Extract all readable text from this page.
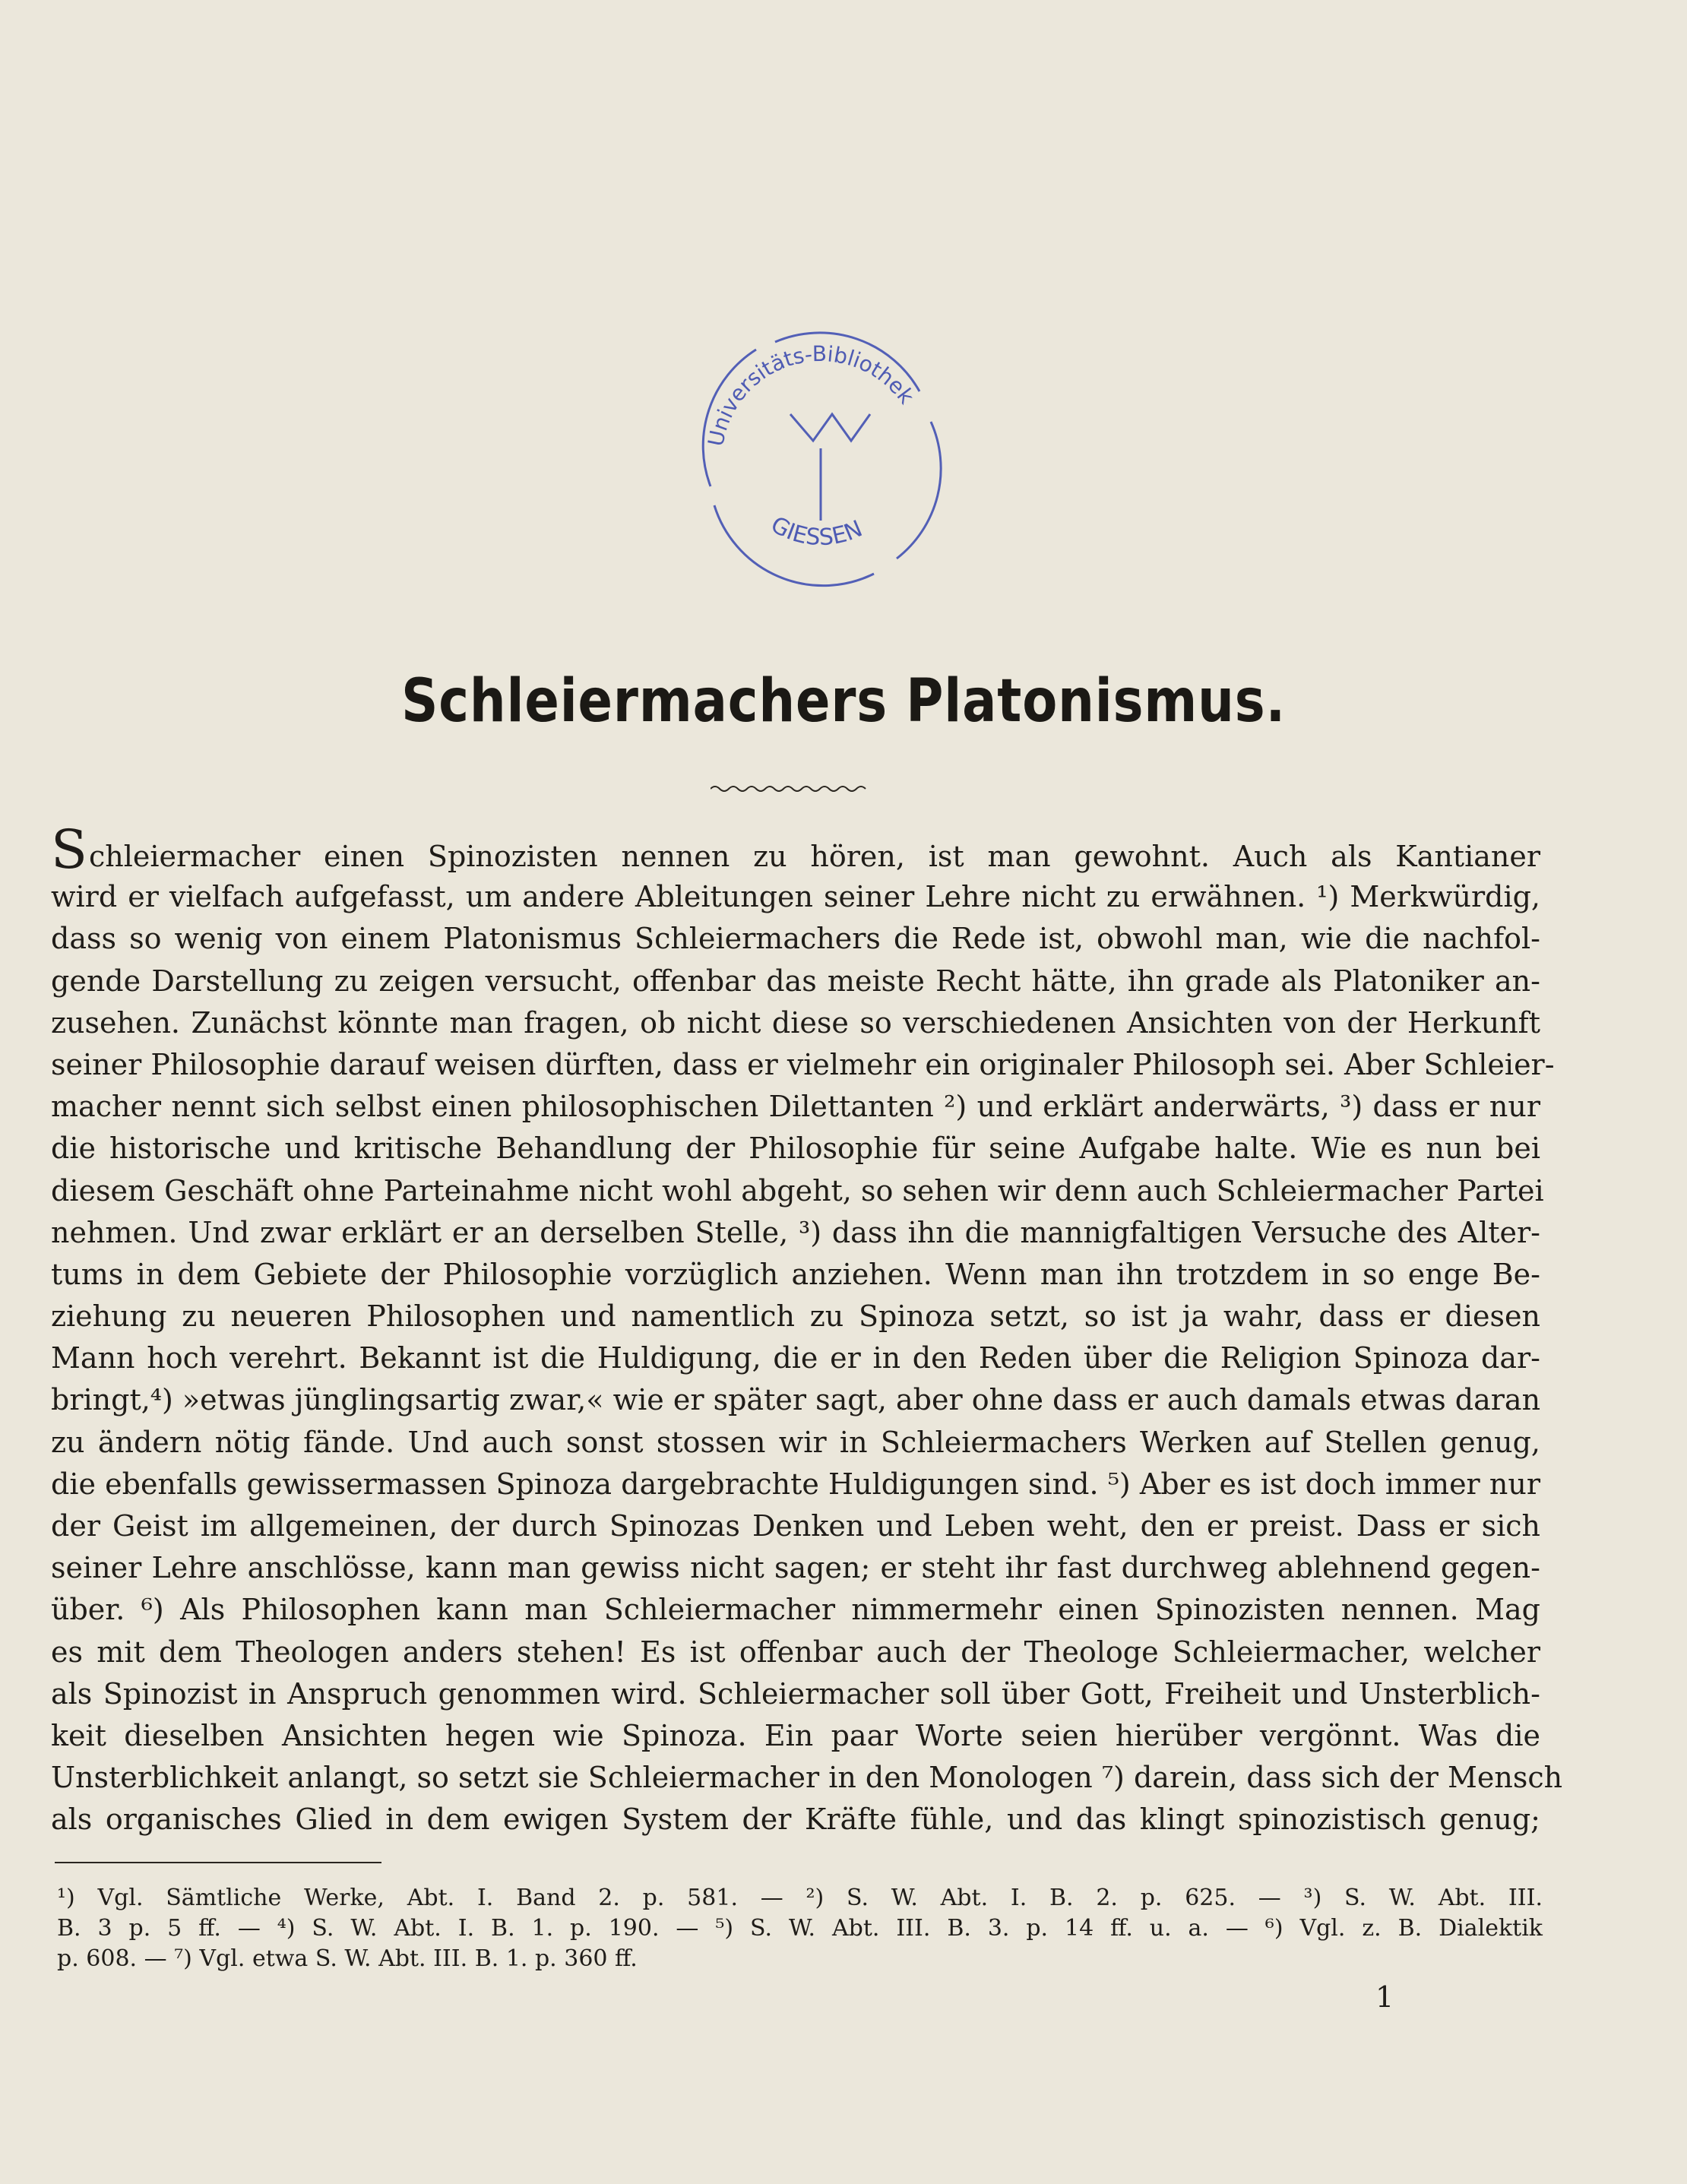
Universitäts-Bibliothek
GIESSEN
Schleiermachers Platonismus.
Schleiermacher einen Spinozisten nennen zu hören, ist man gewohnt. Auch als Kantianer
wird er vielfach aufgefasst, um andere Ableitungen seiner Lehre nicht zu erwähnen. ¹) Merkwürdig,
dass so wenig von einem Platonismus Schleiermachers die Rede ist, obwohl man, wie die nachfol-
gende Darstellung zu zeigen versucht, offenbar das meiste Recht hätte, ihn grade als Platoniker an-
zusehen. Zunächst könnte man fragen, ob nicht diese so verschiedenen Ansichten von der Herkunft
seiner Philosophie darauf weisen dürften, dass er vielmehr ein originaler Philosoph sei. Aber Schleier-
macher nennt sich selbst einen philosophischen Dilettanten ²) und erklärt anderwärts, ³) dass er nur
die historische und kritische Behandlung der Philosophie für seine Aufgabe halte. Wie es nun bei
diesem Geschäft ohne Parteinahme nicht wohl abgeht, so sehen wir denn auch Schleiermacher Partei
nehmen. Und zwar erklärt er an derselben Stelle, ³) dass ihn die mannigfaltigen Versuche des Alter-
tums in dem Gebiete der Philosophie vorzüglich anziehen. Wenn man ihn trotzdem in so enge Be-
ziehung zu neueren Philosophen und namentlich zu Spinoza setzt, so ist ja wahr, dass er diesen
Mann hoch verehrt. Bekannt ist die Huldigung, die er in den Reden über die Religion Spinoza dar-
bringt,⁴) »etwas jünglingsartig zwar,« wie er später sagt, aber ohne dass er auch damals etwas daran
zu ändern nötig fände. Und auch sonst stossen wir in Schleiermachers Werken auf Stellen genug,
die ebenfalls gewissermassen Spinoza dargebrachte Huldigungen sind. ⁵) Aber es ist doch immer nur
der Geist im allgemeinen, der durch Spinozas Denken und Leben weht, den er preist. Dass er sich
seiner Lehre anschlösse, kann man gewiss nicht sagen; er steht ihr fast durchweg ablehnend gegen-
über. ⁶) Als Philosophen kann man Schleiermacher nimmermehr einen Spinozisten nennen. Mag
es mit dem Theologen anders stehen! Es ist offenbar auch der Theologe Schleiermacher, welcher
als Spinozist in Anspruch genommen wird. Schleiermacher soll über Gott, Freiheit und Unsterblich-
keit dieselben Ansichten hegen wie Spinoza. Ein paar Worte seien hierüber vergönnt. Was die
Unsterblichkeit anlangt, so setzt sie Schleiermacher in den Monologen ⁷) darein, dass sich der Mensch
als organisches Glied in dem ewigen System der Kräfte fühle, und das klingt spinozistisch genug;
¹) Vgl. Sämtliche Werke, Abt. I. Band 2. p. 581. — ²) S. W. Abt. I. B. 2. p. 625. — ³) S. W. Abt. III.
B. 3 p. 5 ff. — ⁴) S. W. Abt. I. B. 1. p. 190. — ⁵) S. W. Abt. III. B. 3. p. 14 ff. u. a. — ⁶) Vgl. z. B. Dialektik
p. 608. — ⁷) Vgl. etwa S. W. Abt. III. B. 1. p. 360 ff.
1
